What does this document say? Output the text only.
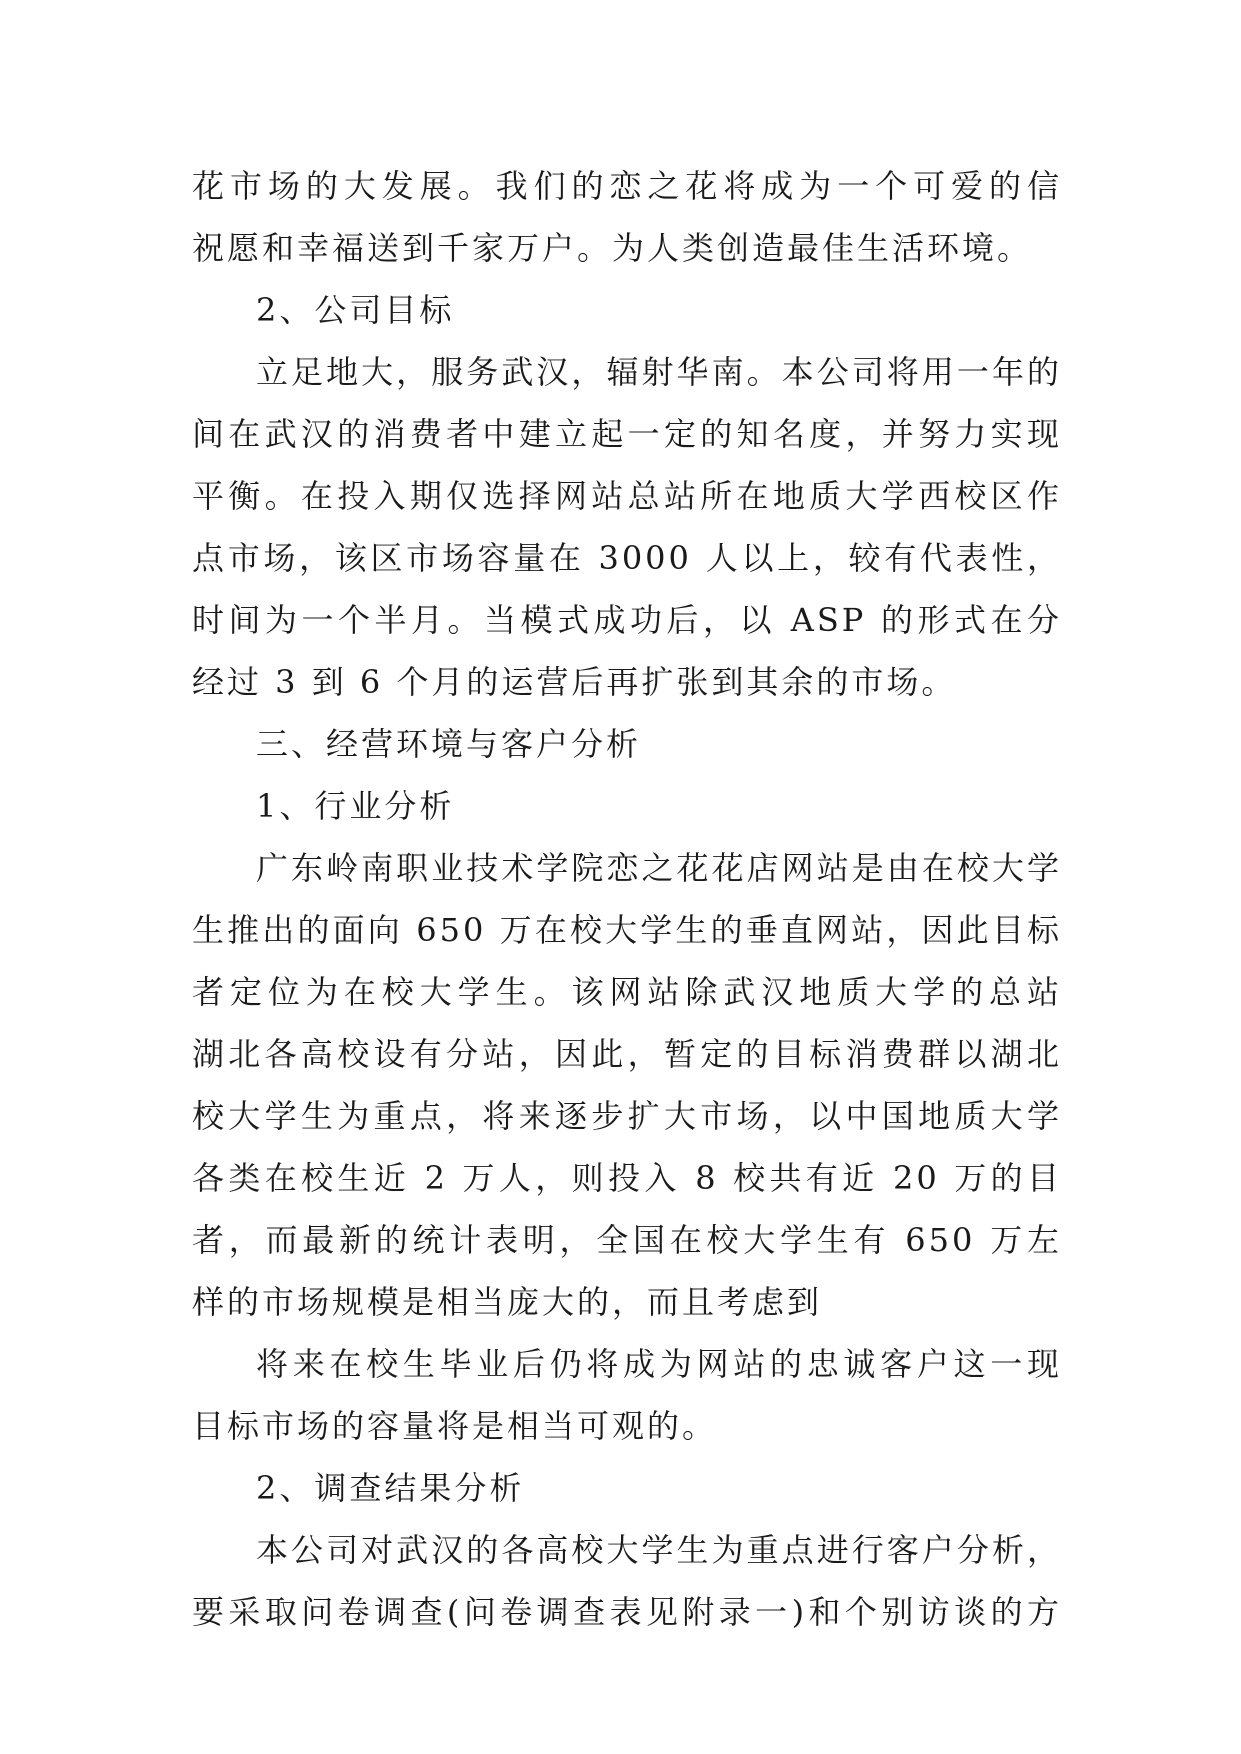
花市场的大发展。我们的恋之花将成为一个可爱的信
祝愿和幸福送到千家万户。为人类创造最佳生活环境。
2、公司目标
立足地大，服务武汉，辐射华南。本公司将用一年的
间在武汉的消费者中建立起一定的知名度，并努力实现
平衡。在投入期仅选择网站总站所在地质大学西校区作
点市场，该区市场容量在 3000 人以上，较有代表性，
时间为一个半月。当模式成功后，以 ASP 的形式在分
经过 3 到 6 个月的运营后再扩张到其余的市场。
三、经营环境与客户分析
1、行业分析
广东岭南职业技术学院恋之花花店网站是由在校大学
生推出的面向 650 万在校大学生的垂直网站，因此目标
者定位为在校大学生。该网站除武汉地质大学的总站
湖北各高校设有分站，因此，暂定的目标消费群以湖北
校大学生为重点，将来逐步扩大市场，以中国地质大学
各类在校生近 2 万人，则投入 8 校共有近 20 万的目
者，而最新的统计表明，全国在校大学生有 650 万左
样的市场规模是相当庞大的，而且考虑到
将来在校生毕业后仍将成为网站的忠诚客户这一现
目标市场的容量将是相当可观的。
2、调查结果分析
本公司对武汉的各高校大学生为重点进行客户分析，
要采取问卷调查(问卷调查表见附录一)和个别访谈的方
